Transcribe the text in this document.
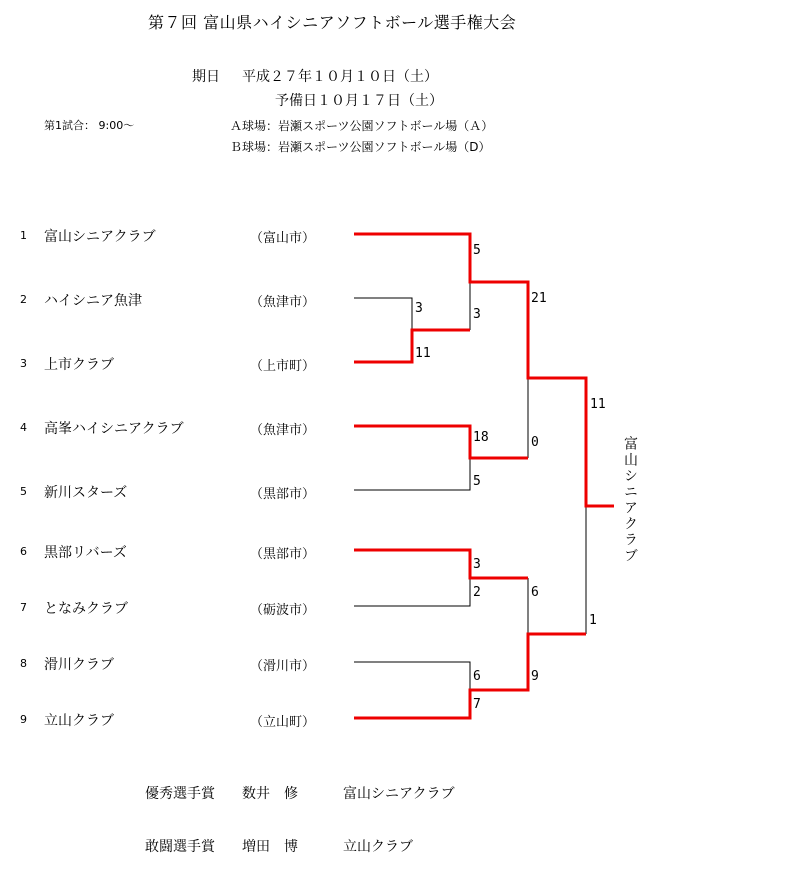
第７回 富山県ハイシニアソフトボール選手権大会
期日 平成２７年１０月１０日（土）
予備日１０月１７日（土）
第1試合： 9:00～	Ａ球場：岩瀬スポーツ公園ソフトボール場（Ａ）
Ｂ球場：岩瀬スポーツ公園ソフトボール場（D）
1 富山シニアクラブ	（富山市）
2 ハイシニア魚津	（魚津市）
3 上市クラブ	（上市町）
4 高峯ハイシニアクラブ	（魚津市）
5 新川スターズ	（黒部市）
6 黒部リバーズ	（黒部市）
7 となみクラブ	（砺波市）
8 滑川クラブ	（滑川市）
9 立山クラブ	（立山町）
3
11
5
3
18
5
3
2
6
7
21
0
6
9
11
1
富山シニアクラブ
優秀選手賞 数井　修	富山シニアクラブ
敢闘選手賞 増田　博	立山クラブ
